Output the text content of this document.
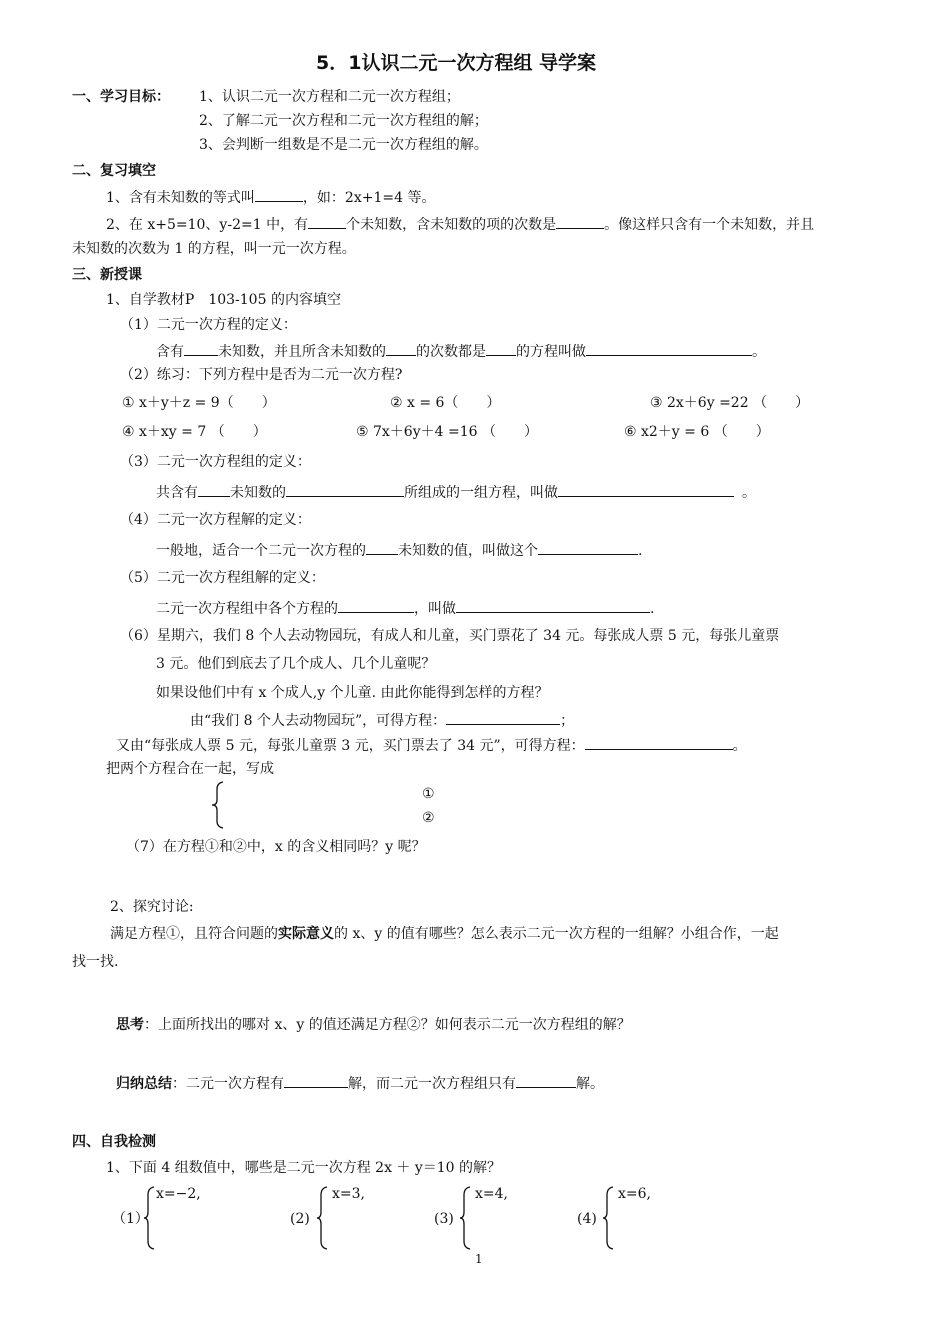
5．1认识二元一次方程组 导学案
一、学习目标： 1、认识二元一次方程和二元一次方程组；
2、了解二元一次方程和二元一次方程组的解；
3、会判断一组数是不是二元一次方程组的解。
二、复习填空
1、含有未知数的等式叫	，如：2x+1=4 等。
2、在 x+5=10、y-2=1 中，有	个未知数，含未知数的项的次数是	。像这样只含有一个未知数，并且
未知数的次数为 1 的方程，叫一元一次方程。
三、新授课
1、自学教材P　103-105 的内容填空
（1）二元一次方程的定义：
含有 未知数，并且所含未知数的 的次数都是 的方程叫做	。
（2）练习：下列方程中是否为二元一次方程?
① x＋y＋z = 9（　　）	② x = 6（　　）	③ 2x＋6y =22 （　　）
④ x＋xy = 7 （　　）	⑤ 7x＋6y＋4 =16 （　　）	⑥ x2＋y = 6 （　　）
（3）二元一次方程组的定义：
共含有 未知数的	所组成的一组方程，叫做	。
（4）二元一次方程解的定义：
一般地，适合一个二元一次方程的 未知数的值，叫做这个	.
（5）二元一次方程组解的定义：
二元一次方程组中各个方程的	，叫做	.
（6）星期六，我们 8 个人去动物园玩，有成人和儿童，买门票花了 34 元。每张成人票 5 元，每张儿童票
3 元。他们到底去了几个成人、几个儿童呢？
如果设他们中有 x 个成人,y 个儿童. 由此你能得到怎样的方程？
由“我们 8 个人去动物园玩”，可得方程：	；
又由“每张成人票 5 元，每张儿童票 3 元，买门票去了 34 元”，可得方程：	。
把两个方程合在一起，写成
①
②
（7）在方程①和②中，x 的含义相同吗？y 呢？
2、探究讨论:
满足方程①，且符合问题的实际意义的 x、y 的值有哪些？怎么表示二元一次方程的一组解？小组合作，一起
找一找.
思考：上面所找出的哪对 x、y 的值还满足方程②？如何表示二元一次方程组的解？
归纳总结：二元一次方程有	解，而二元一次方程组只有	解。
四、自我检测
1、下面 4 组数值中，哪些是二元一次方程 2x ＋ y＝10 的解？
（1）
x=−2,
(2)
x=3,
(3)
x=4,
(4)
x=6,
1
